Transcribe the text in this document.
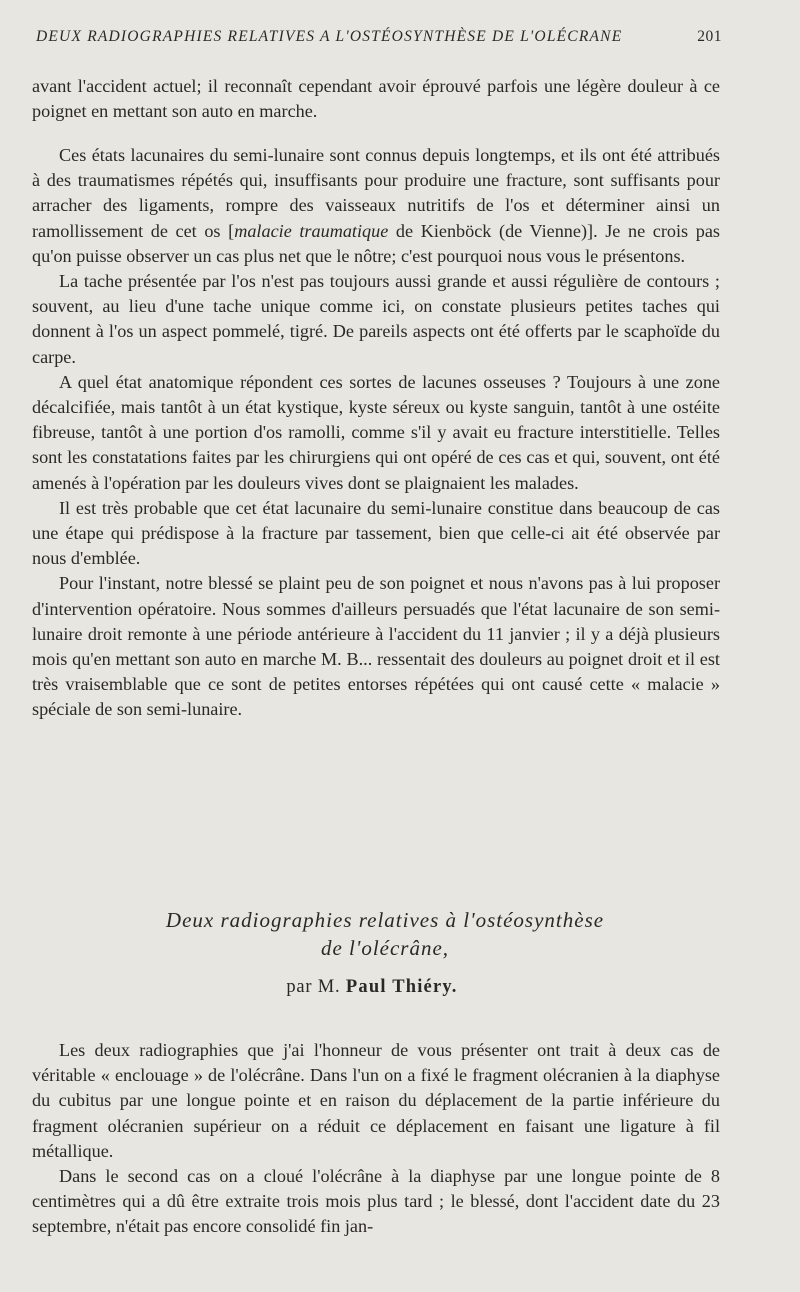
DEUX RADIOGRAPHIES RELATIVES A L'OSTÉOSYNTHÈSE DE L'OLÉCRANE	201

avant l'accident actuel; il reconnaît cependant avoir éprouvé parfois une légère douleur à ce poignet en mettant son auto en marche.

Ces états lacunaires du semi-lunaire sont connus depuis longtemps, et ils ont été attribués à des traumatismes répétés qui, insuffisants pour produire une fracture, sont suffisants pour arracher des ligaments, rompre des vaisseaux nutritifs de l'os et déterminer ainsi un ramollissement de cet os [malacie traumatique de Kienböck (de Vienne)]. Je ne crois pas qu'on puisse observer un cas plus net que le nôtre; c'est pourquoi nous vous le présentons.

La tache présentée par l'os n'est pas toujours aussi grande et aussi régulière de contours ; souvent, au lieu d'une tache unique comme ici, on constate plusieurs petites taches qui donnent à l'os un aspect pommelé, tigré. De pareils aspects ont été offerts par le scaphoïde du carpe.

A quel état anatomique répondent ces sortes de lacunes osseuses ? Toujours à une zone décalcifiée, mais tantôt à un état kystique, kyste séreux ou kyste sanguin, tantôt à une ostéite fibreuse, tantôt à une portion d'os ramolli, comme s'il y avait eu fracture interstitielle. Telles sont les constatations faites par les chirurgiens qui ont opéré de ces cas et qui, souvent, ont été amenés à l'opération par les douleurs vives dont se plaignaient les malades.

Il est très probable que cet état lacunaire du semi-lunaire constitue dans beaucoup de cas une étape qui prédispose à la fracture par tassement, bien que celle-ci ait été observée par nous d'emblée.

Pour l'instant, notre blessé se plaint peu de son poignet et nous n'avons pas à lui proposer d'intervention opératoire. Nous sommes d'ailleurs persuadés que l'état lacunaire de son semi-lunaire droit remonte à une période antérieure à l'accident du 11 janvier ; il y a déjà plusieurs mois qu'en mettant son auto en marche M. B... ressentait des douleurs au poignet droit et il est très vraisemblable que ce sont de petites entorses répétées qui ont causé cette « malacie » spéciale de son semi-lunaire.

Deux radiographies relatives à l'ostéosynthèse
de l'olécrâne,
par M. Paul Thiéry.

Les deux radiographies que j'ai l'honneur de vous présenter ont trait à deux cas de véritable « enclouage » de l'olécrâne. Dans l'un on a fixé le fragment olécranien à la diaphyse du cubitus par une longue pointe et en raison du déplacement de la partie inférieure du fragment olécranien supérieur on a réduit ce déplacement en faisant une ligature à fil métallique.

Dans le second cas on a cloué l'olécrâne à la diaphyse par une longue pointe de 8 centimètres qui a dû être extraite trois mois plus tard ; le blessé, dont l'accident date du 23 septembre, n'était pas encore consolidé fin jan-
